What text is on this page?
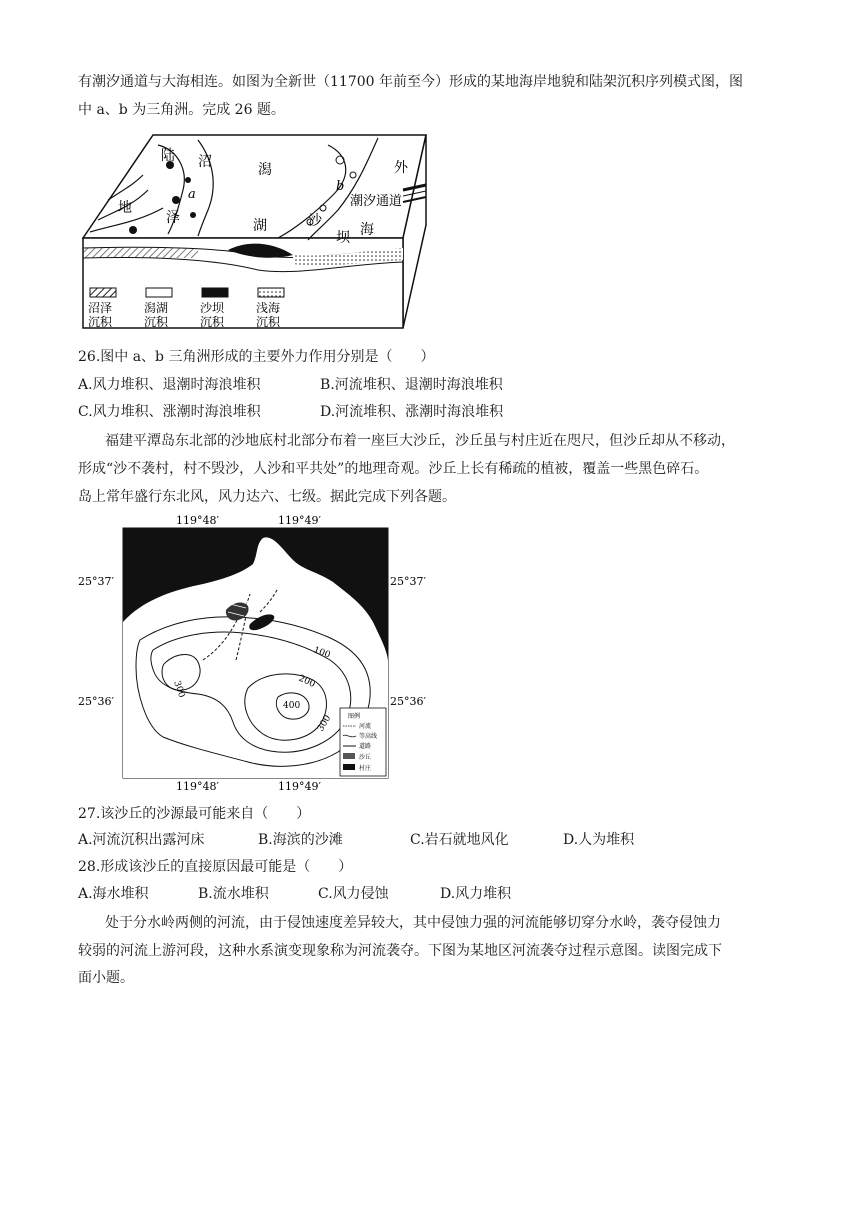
有潮汐通道与大海相连。如图为全新世（11700 年前至今）形成的某地海岸地貌和陆架沉积序列模式图，图
中 a、b 为三角洲。完成 26 题。
陆
地
沼
泽
潟
湖	沙
坝
外
海
潮汐通道
a
b
沼泽
沉积
潟湖
沉积
沙坝
沉积
浅海
沉积
26.图中 a、b 三角洲形成的主要外力作用分别是（　　）
A.风力堆积、退潮时海浪堆积	B.河流堆积、退潮时海浪堆积
C.风力堆积、涨潮时海浪堆积	D.河流堆积、涨潮时海浪堆积
福建平潭岛东北部的沙地底村北部分布着一座巨大沙丘，沙丘虽与村庄近在咫尺，但沙丘却从不移动，
形成“沙不袭村，村不毁沙，人沙和平共处”的地理奇观。沙丘上长有稀疏的植被，覆盖一些黑色碎石。
岛上常年盛行东北风，风力达六、七级。据此完成下列各题。
119°48′	119°49′
119°48′	119°49′
25°37′	25°37′
25°36′	25°36′
100
200
300
400
300 图例
河流
等高线
道路
沙丘
村庄
27.该沙丘的沙源最可能来自（　　）
A.河流沉积出露河床	B.海滨的沙滩	C.岩石就地风化	D.人为堆积
28.形成该沙丘的直接原因最可能是（　　）
A.海水堆积	B.流水堆积	C.风力侵蚀	D.风力堆积
处于分水岭两侧的河流，由于侵蚀速度差异较大，其中侵蚀力强的河流能够切穿分水岭，袭夺侵蚀力
较弱的河流上游河段，这种水系演变现象称为河流袭夺。下图为某地区河流袭夺过程示意图。读图完成下
面小题。
